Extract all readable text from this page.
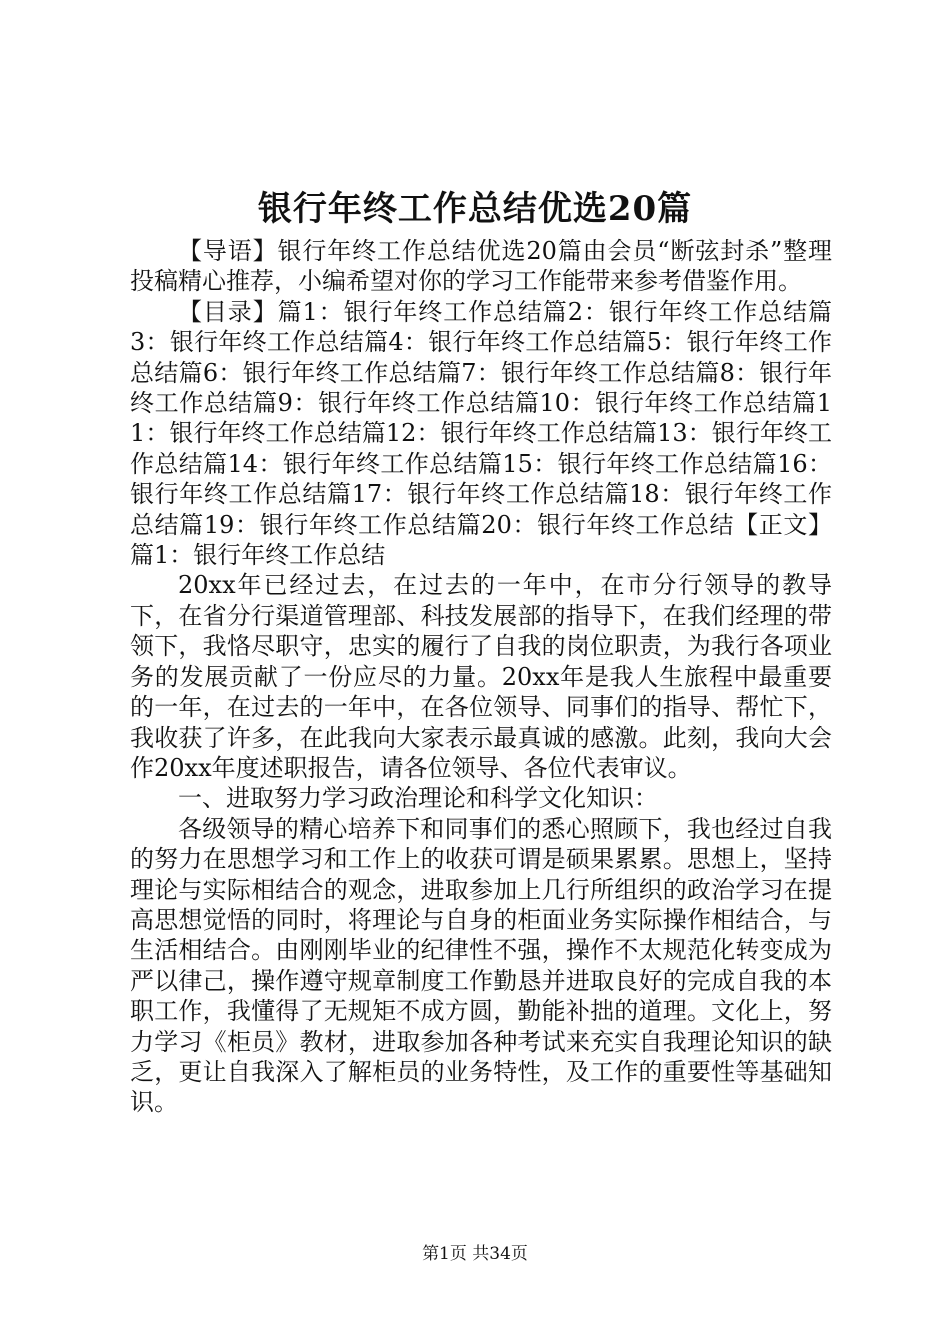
银行年终工作总结优选20篇

【导语】银行年终工作总结优选20篇由会员“断弦封杀”整理投稿精心推荐，小编希望对你的学习工作能带来参考借鉴作用。

【目录】篇1：银行年终工作总结篇2：银行年终工作总结篇3：银行年终工作总结篇4：银行年终工作总结篇5：银行年终工作总结篇6：银行年终工作总结篇7：银行年终工作总结篇8：银行年终工作总结篇9：银行年终工作总结篇10：银行年终工作总结篇11：银行年终工作总结篇12：银行年终工作总结篇13：银行年终工作总结篇14：银行年终工作总结篇15：银行年终工作总结篇16：银行年终工作总结篇17：银行年终工作总结篇18：银行年终工作总结篇19：银行年终工作总结篇20：银行年终工作总结【正文】篇1：银行年终工作总结

20xx年已经过去，在过去的一年中，在市分行领导的教导下，在省分行渠道管理部、科技发展部的指导下，在我们经理的带领下，我恪尽职守，忠实的履行了自我的岗位职责，为我行各项业务的发展贡献了一份应尽的力量。20xx年是我人生旅程中最重要的一年，在过去的一年中，在各位领导、同事们的指导、帮忙下，我收获了许多，在此我向大家表示最真诚的感激。此刻，我向大会作20xx年度述职报告，请各位领导、各位代表审议。

一、进取努力学习政治理论和科学文化知识：

各级领导的精心培养下和同事们的悉心照顾下，我也经过自我的努力在思想学习和工作上的收获可谓是硕果累累。思想上，坚持理论与实际相结合的观念，进取参加上几行所组织的政治学习在提高思想觉悟的同时，将理论与自身的柜面业务实际操作相结合，与生活相结合。由刚刚毕业的纪律性不强，操作不太规范化转变成为严以律己，操作遵守规章制度工作勤恳并进取良好的完成自我的本职工作，我懂得了无规矩不成方圆，勤能补拙的道理。文化上，努力学习《柜员》教材，进取参加各种考试来充实自我理论知识的缺乏，更让自我深入了解柜员的业务特性，及工作的重要性等基础知识。

第1页 共34页
